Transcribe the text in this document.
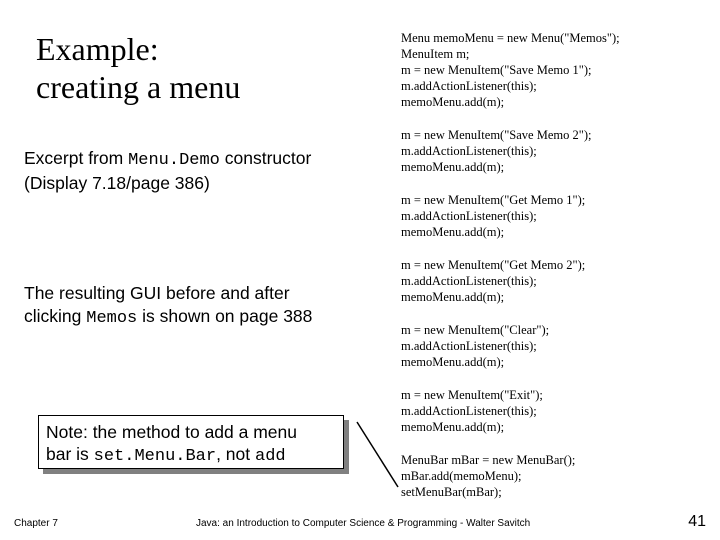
Example:
creating a menu
Excerpt from Menu.Demo constructor
(Display 7.18/page 386)
The resulting GUI before and after
clicking Memos is shown on page 388
Note: the method to add a menu
bar is set.Menu.Bar, not add
Menu memoMenu = new Menu("Memos");
MenuItem m;
m = new MenuItem("Save Memo 1");
m.addActionListener(this);
memoMenu.add(m);
m = new MenuItem("Save Memo 2");
m.addActionListener(this);
memoMenu.add(m);
m = new MenuItem("Get Memo 1");
m.addActionListener(this);
memoMenu.add(m);
m = new MenuItem("Get Memo 2");
m.addActionListener(this);
memoMenu.add(m);
m = new MenuItem("Clear");
m.addActionListener(this);
memoMenu.add(m);
m = new MenuItem("Exit");
m.addActionListener(this);
memoMenu.add(m);
MenuBar mBar = new MenuBar();
mBar.add(memoMenu);
setMenuBar(mBar);
Chapter 7	Java: an Introduction to Computer Science & Programming - Walter Savitch	41
